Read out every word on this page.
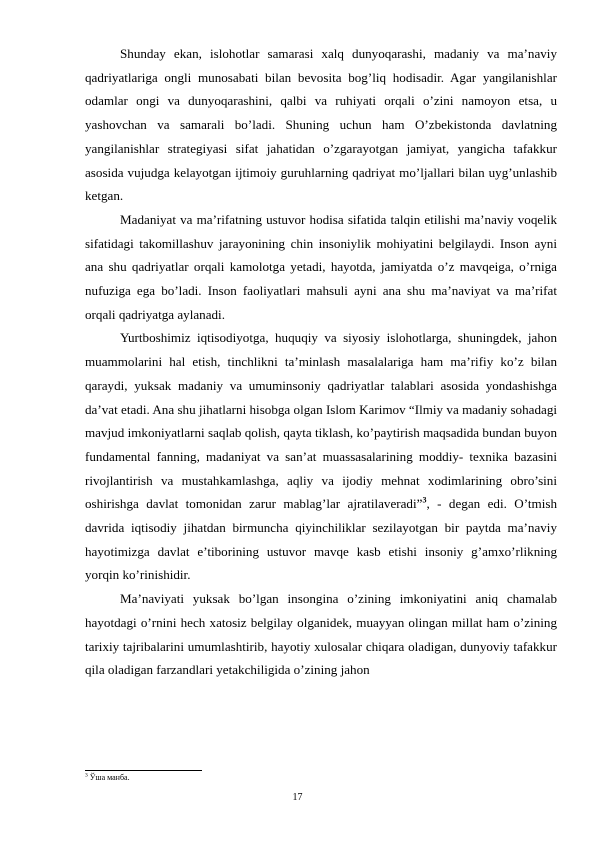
Shunday ekan, islohotlar samarasi xalq dunyoqarashi, madaniy va ma’naviy qadriyatlariga ongli munosabati bilan bevosita bog’liq hodisadir. Agar yangilanishlar odamlar ongi va dunyoqarashini, qalbi va ruhiyati orqali o’zini namoyon etsa, u yashovchan va samarali bo’ladi. Shuning uchun ham O’zbekistonda davlatning yangilanishlar strategiyasi sifat jahatidan o’zgarayotgan jamiyat, yangicha tafakkur asosida vujudga kelayotgan ijtimoiy guruhlarning qadriyat mo’ljallari bilan uyg’unlashib ketgan.

Madaniyat va ma’rifatning ustuvor hodisa sifatida talqin etilishi ma’naviy voqelik sifatidagi takomillashuv jarayonining chin insoniylik mohiyatini belgilaydi. Inson ayni ana shu qadriyatlar orqali kamolotga yetadi, hayotda, jamiyatda o’z mavqeiga, o’rniga nufuziga ega bo’ladi. Inson faoliyatlari mahsuli ayni ana shu ma’naviyat va ma’rifat orqali qadriyatga aylanadi.

Yurtboshimiz iqtisodiyotga, huquqiy va siyosiy islohotlarga, shuningdek, jahon muammolarini hal etish, tinchlikni ta’minlash masalalariga ham ma’rifiy ko’z bilan qaraydi, yuksak madaniy va umuminsoniy qadriyatlar talablari asosida yondashishga da’vat etadi. Ana shu jihatlarni hisobga olgan Islom Karimov “Ilmiy va madaniy sohadagi mavjud imkoniyatlarni saqlab qolish, qayta tiklash, ko’paytirish maqsadida bundan buyon fundamental fanning, madaniyat va san’at muassasalarining moddiy- texnika bazasini rivojlantirish va mustahkamlashga, aqliy va ijodiy mehnat xodimlarining obro’sini oshirishga davlat tomonidan zarur mablag’lar ajratilaveradi”$^3$, - degan edi. O’tmish davrida iqtisodiy jihatdan birmuncha qiyinchiliklar sezilayotgan bir paytda ma’naviy hayotimizga davlat e’tiborining ustuvor mavqe kasb etishi insoniy g’amxo’rlikning yorqin ko’rinishidir.

Ma’naviyati yuksak bo’lgan insongina o’zining imkoniyatini aniq chamalab hayotdagi o’rnini hech xatosiz belgilay olganidek, muayyan olingan millat ham o’zining tarixiy tajribalarini umumlashtirib, hayotiy xulosalar chiqara oladigan, dunyoviy tafakkur qila oladigan farzandlari yetakchiligida o’zining jahon

$^3$ Ўша манба.
17
